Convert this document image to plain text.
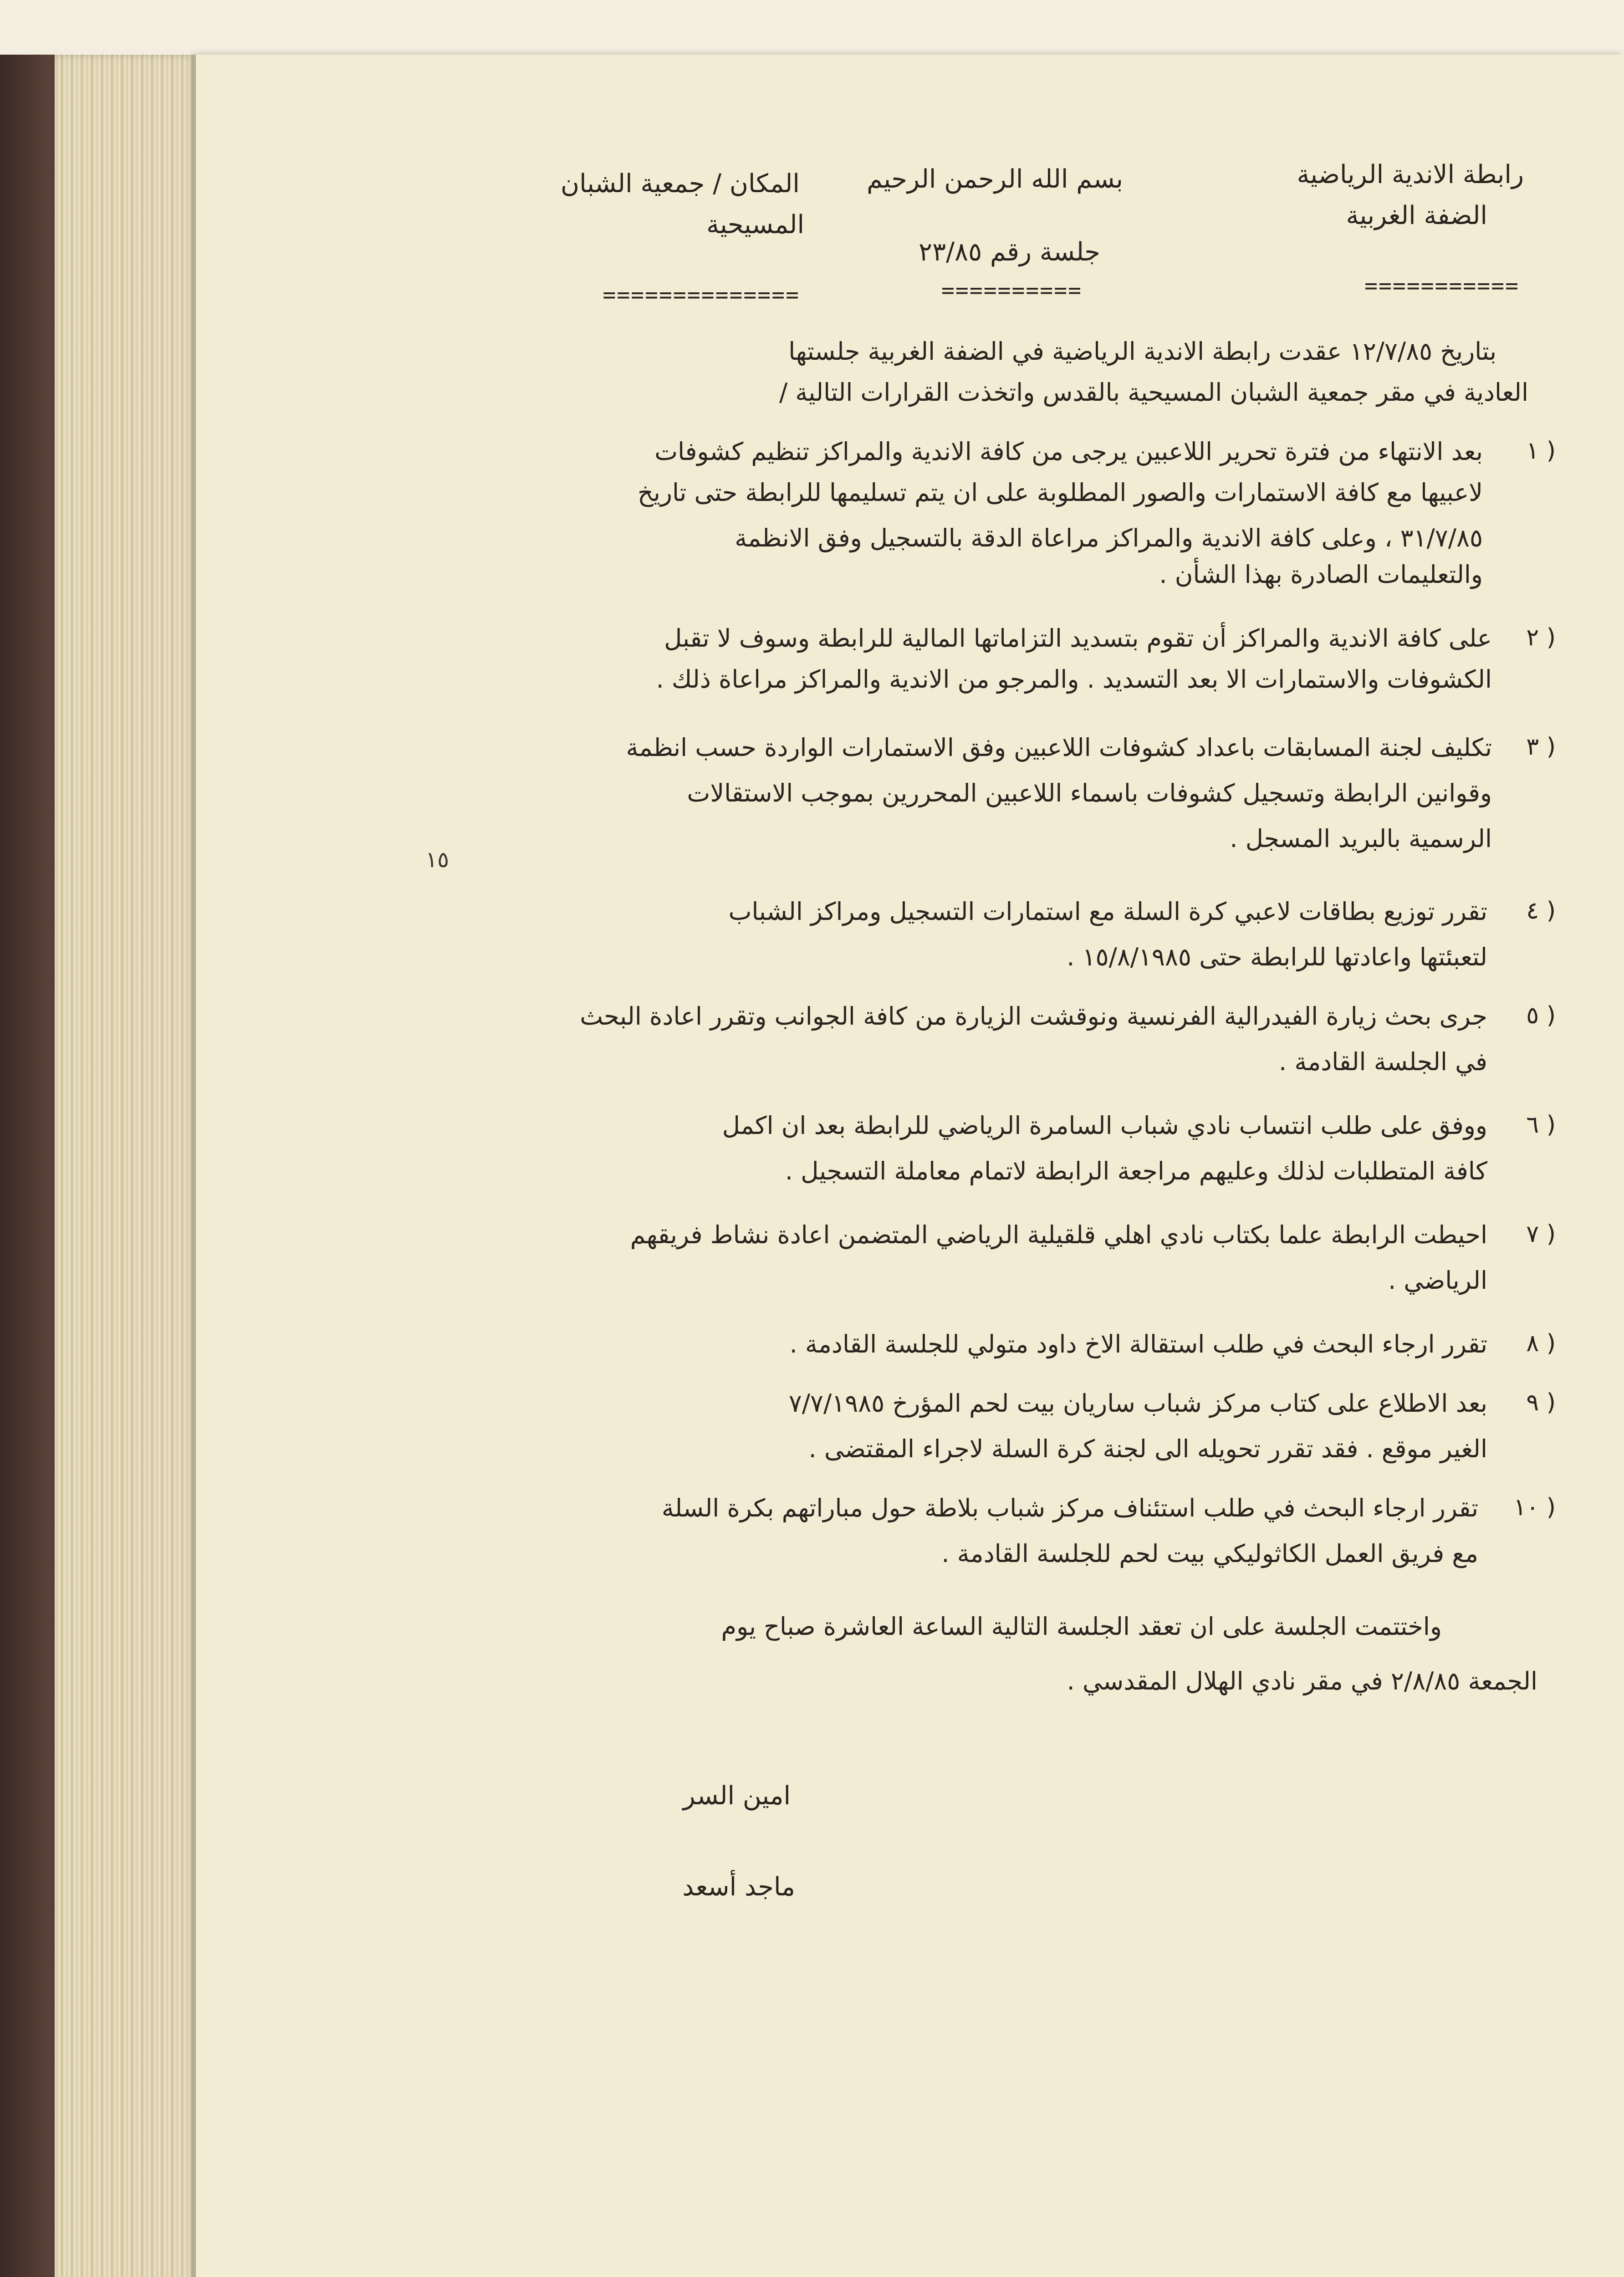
رابطة الاندية الرياضية
الضفة الغربية
===========
بسم الله الرحمن الرحيم
جلسة رقم ٢٣/٨٥
==========
المكان / جمعية الشبان
المسيحية
==============
بتاريخ ١٢/٧/٨٥ عقدت رابطة الاندية الرياضية في الضفة الغربية جلستها
العادية في مقر جمعية الشبان المسيحية بالقدس واتخذت القرارات التالية /
١ )
بعد الانتهاء من فترة تحرير اللاعبين يرجى من كافة الاندية والمراكز تنظيم كشوفات
لاعبيها مع كافة الاستمارات والصور المطلوبة على ان يتم تسليمها للرابطة حتى تاريخ
٣١/٧/٨٥ ، وعلى كافة الاندية والمراكز مراعاة الدقة بالتسجيل وفق الانظمة
والتعليمات الصادرة بهذا الشأن .
٢ )
على كافة الاندية والمراكز أن تقوم بتسديد التزاماتها المالية للرابطة وسوف لا تقبل
الكشوفات والاستمارات الا بعد التسديد . والمرجو من الاندية والمراكز مراعاة ذلك .
٣ )
تكليف لجنة المسابقات باعداد كشوفات اللاعبين وفق الاستمارات الواردة حسب انظمة
وقوانين الرابطة وتسجيل كشوفات باسماء اللاعبين المحررين بموجب الاستقالات
الرسمية بالبريد المسجل .
١٥
٤ )
تقرر توزيع بطاقات لاعبي كرة السلة مع استمارات التسجيل ومراكز الشباب
لتعبئتها واعادتها للرابطة حتى ١٥/٨/١٩٨٥ .
٥ )
جرى بحث زيارة الفيدرالية الفرنسية ونوقشت الزيارة من كافة الجوانب وتقرر اعادة البحث
في الجلسة القادمة .
٦ )
ووفق على طلب انتساب نادي شباب السامرة الرياضي للرابطة بعد ان اكمل
كافة المتطلبات لذلك وعليهم مراجعة الرابطة لاتمام معاملة التسجيل .
٧ )
احيطت الرابطة علما بكتاب نادي اهلي قلقيلية الرياضي المتضمن اعادة نشاط فريقهم
الرياضي .
٨ )
تقرر ارجاء البحث في طلب استقالة الاخ داود متولي للجلسة القادمة .
٩ )
بعد الاطلاع على كتاب مركز شباب ساريان بيت لحم المؤرخ ٧/٧/١٩٨٥
الغير موقع . فقد تقرر تحويله الى لجنة كرة السلة لاجراء المقتضى .
١٠ )
تقرر ارجاء البحث في طلب استئناف مركز شباب بلاطة حول مباراتهم بكرة السلة
مع فريق العمل الكاثوليكي بيت لحم للجلسة القادمة .
واختتمت الجلسة على ان تعقد الجلسة التالية الساعة العاشرة صباح يوم
الجمعة ٢/٨/٨٥ في مقر نادي الهلال المقدسي .
امين السر
ماجد أسعد
